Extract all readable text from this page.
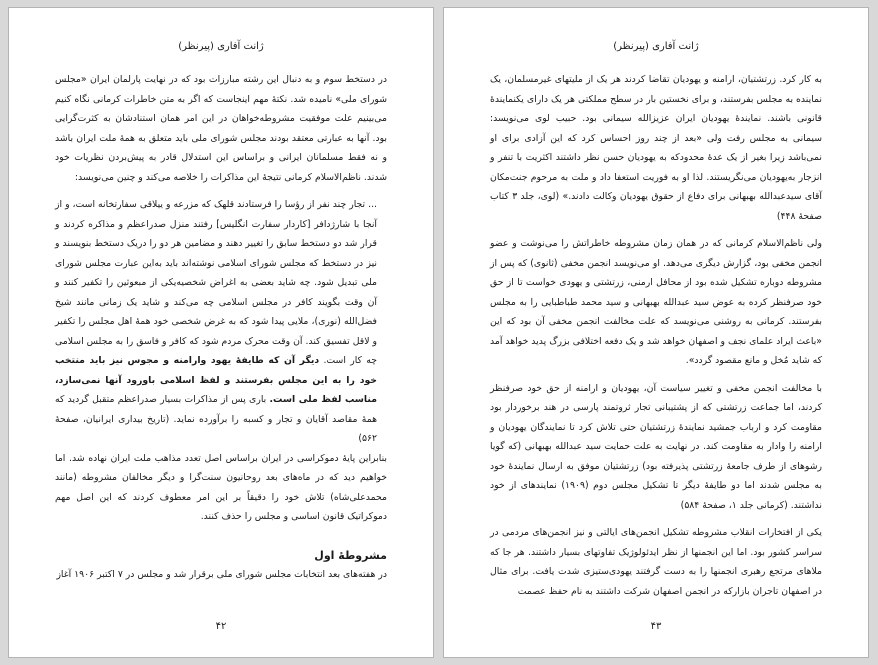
ژانت آفاری (پیرنظر)

در دستخط سوم و به دنبال این رشته مبارزات بود که در نهایت پارلمان ایران «مجلس شورای ملی» نامیده شد. نکتهٔ مهم اینجاست که اگر به متن خاطرات کرمانی نگاه کنیم می‌بینیم علت موفقیت مشروطه‌خواهان در این امر همان استنادشان به کثرت‌گرایی بود. آنها به عبارتی معتقد بودند مجلس شورای ملی باید متعلق به همهٔ ملت ایران باشد و نه فقط مسلمانان ایرانی و براساس این استدلال قادر به پیش‌بردن نظریات خود شدند. ناظم‌الاسلام کرمانی نتیجهٔ این مذاکرات را خلاصه می‌کند و چنین می‌نویسد:

... تجار چند نفر از رؤسا را فرستادند قلهک که مزرعه و ییلاقی سفارتخانه است، و از آنجا با شارژدافر [کاردار سفارت انگلیس] رفتند منزل صدراعظم و مذاکره کردند و قرار شد دو دستخط سابق را تغییر دهند و مضامین هر دو را دریک دستخط بنویسند و نیز در دستخط که مجلس شورای اسلامی نوشته‌اند باید به‌این عبارت مجلس شورای ملی تبدیل شود. چه شاید بعضی به اغراض شخصیه‌یکی از مبعوثین را تکفیر کنند و آن وقت بگویند کافر در مجلس اسلامی چه می‌کند و شاید یک زمانی مانند شیخ فضل‌الله (نوری)، ملایی پیدا شود که به غرض شخصی خود همهٔ اهل مجلس را تکفیر و لاقل تفسیق کند. آن وقت محرک مردم شود که کافر و فاسق را به مجلس اسلامی چه کار است. دیگر آن که طایفهٔ یهود وارامنه و مجوس نیز باید منتخب خود را به این مجلس بفرستند و لفظ اسلامی باورود آنها نمی‌سازد، مناسب لفظ ملی است. باری پس از مذاکرات بسیار صدراعظم متقبل گردید که همهٔ مقاصد آقایان و تجار و کسبه را برآورده نماید. (تاریخ بیداری ایرانیان، صفحهٔ ۵۶۲)

بنابراین پایهٔ دموکراسی در ایران براساس اصل تعدد مذاهب ملت ایران نهاده شد. اما خواهیم دید که در ماه‌های بعد روحانیون سنت‌گرا و دیگر مخالفان مشروطه (مانند محمدعلی‌شاه) تلاش خود را دقیقاً بر این امر معطوف کردند که این اصل مهم دموکراتیک قانون اساسی و مجلس را حذف کنند.

مشروطهٔ اول

در هفته‌های بعد انتخابات مجلس شورای ملی برقرار شد و مجلس در ۷ اکتبر ۱۹۰۶ آغاز

۴۲
ژانت آفاری (پیرنظر)

به کار کرد. زرتشتیان، ارامنه و یهودیان تقاضا کردند هر یک از ملیتهای غیرمسلمان، یک نماینده به مجلس بفرستند، و برای نخستین بار در سطح مملکتی هر یک دارای یکنمایندهٔ قانونی باشند. نمایندهٔ یهودیان ایران عزیزالله سیمانی بود. حبیب لوی می‌نویسد: سیمانی به مجلس رفت ولی «بعد از چند روز احساس کرد که این آزادی برای او نمی‌باشد زیرا بغیر از یک عدهٔ محدودکه به یهودیان حسن نظر داشتند اکثریت با تنفر و انزجار به‌یهودیان می‌نگریستند. لذا او به فوریت استعفا داد و ملت به مرحوم جنت‌مکان آقای سیدعبدالله بهبهانی برای دفاع از حقوق یهودیان وکالت دادند.» (لوی، جلد ۳ کتاب صفحهٔ ۴۴۸)

ولی ناظم‌الاسلام کرمانی که در همان زمان مشروطه خاطراتش را می‌نوشت و عضو انجمن مخفی بود، گزارش دیگری می‌دهد. او می‌نویسد انجمن مخفی (ثانوی) که پس از مشروطه دوباره تشکیل شده بود از محافل ارمنی، زرتشتی و یهودی خواست تا از حق خود صرفنظر کرده به عوض سید عبدالله بهبهانی و سید محمد طباطبایی را به مجلس بفرستند. کرمانی به روشنی می‌نویسد که علت مخالفت انجمن مخفی آن بود که این «باعث ایراد علمای نجف و اصفهان خواهد شد و یک دفعه اختلافی بزرگ پدید خواهد آمد که شاید مُخل و مانع مقصود گردد».

با مخالفت انجمن مخفی و تغییر سیاست آن، یهودیان و ارامنه از حق خود صرفنظر کردند، اما جماعت زرتشتی که از پشتیبانی تجار ثروتمند پارسی در هند برخوردار بود مقاومت کرد و ارباب جمشید نمایندهٔ زرتشتیان حتی تلاش کرد تا نمایندگان یهودیان و ارامنه را وادار به مقاومت کند. در نهایت به علت حمایت سید عبدالله بهبهانی (که گویا رشوهای از طرف جامعهٔ زرتشتی پذیرفته بود) زرتشتیان موفق به ارسال نمایندهٔ خود به مجلس شدند اما دو طایفهٔ دیگر تا تشکیل مجلس دوم (۱۹۰۹) نمایندهای از خود نداشتند. (کرمانی جلد ۱، صفحهٔ ۵۸۴)

یکی از افتخارات انقلاب مشروطه تشکیل انجمن‌های ایالتی و نیز انجمن‌های مردمی در سراسر کشور بود. اما این انجمنها از نظر ایدئولوژیک تفاوتهای بسیار داشتند. هر جا که ملاهای مرتجع رهبری انجمنها را به دست گرفتند یهودی‌ستیزی شدت یافت. برای مثال در اصفهان تاجران بازارکه در انجمن اصفهان شرکت داشتند به نام حفظ عصمت

۴۳
